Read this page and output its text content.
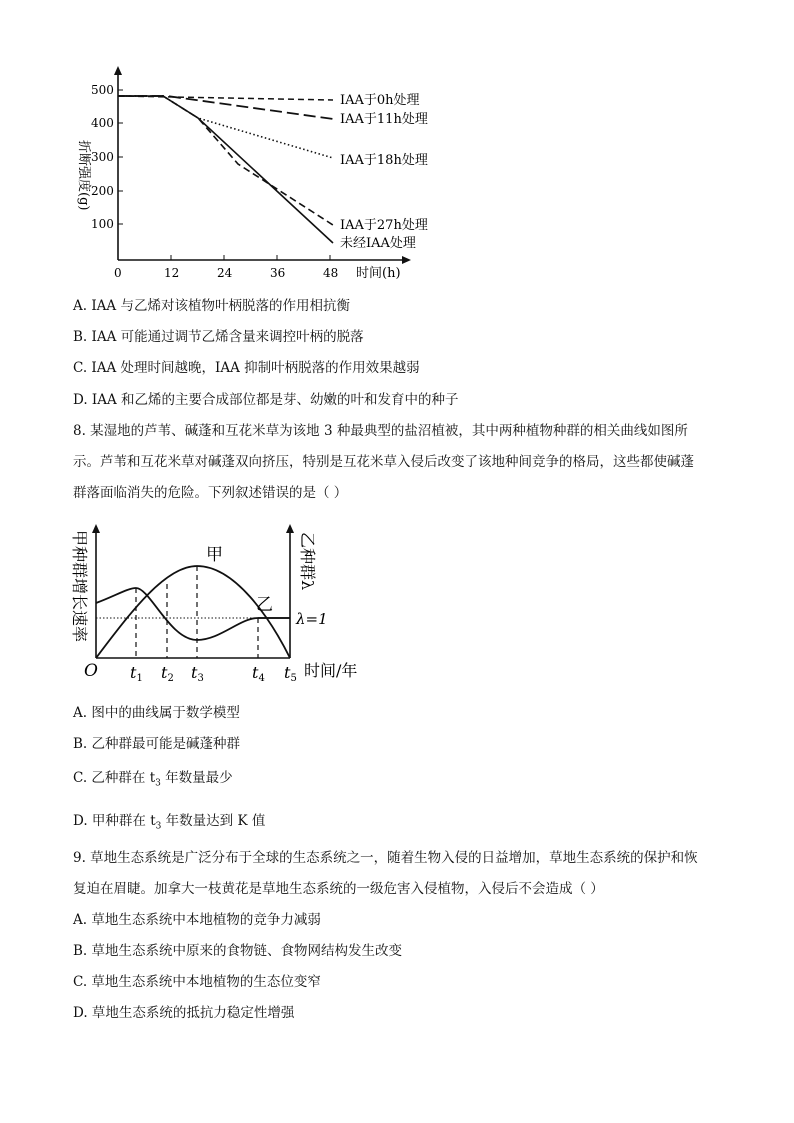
折断强度(g)
100
200
300
400
500
0	12	24	36	48 时间(h)
IAA于0h处理
IAA于11h处理
IAA于18h处理
IAA于27h处理
未经IAA处理
A. IAA 与乙烯对该植物叶柄脱落的作用相抗衡
B. IAA 可能通过调节乙烯含量来调控叶柄的脱落
C. IAA 处理时间越晚，IAA 抑制叶柄脱落的作用效果越弱
D. IAA 和乙烯的主要合成部位都是芽、幼嫩的叶和发育中的种子
8. 某湿地的芦苇、碱蓬和互花米草为该地 3 种最典型的盐沼植被，其中两种植物种群的相关曲线如图所
示。芦苇和互花米草对碱蓬双向挤压，特别是互花米草入侵后改变了该地种间竞争的格局，这些都使碱蓬
群落面临消失的危险。下列叙述错误的是（ ）
甲种群增长速率	乙种群λ
λ=1
甲
乙
O t1 t2 t3	t4 t5 时间/年
A. 图中的曲线属于数学模型
B. 乙种群最可能是碱蓬种群
C. 乙种群在 $t_3$ 年数量最少
D. 甲种群在 $t_3$ 年数量达到 K 值
9. 草地生态系统是广泛分布于全球的生态系统之一，随着生物入侵的日益增加，草地生态系统的保护和恢
复迫在眉睫。加拿大一枝黄花是草地生态系统的一级危害入侵植物，入侵后不会造成（ ）
A. 草地生态系统中本地植物的竞争力减弱
B. 草地生态系统中原来的食物链、食物网结构发生改变
C. 草地生态系统中本地植物的生态位变窄
D. 草地生态系统的抵抗力稳定性增强
